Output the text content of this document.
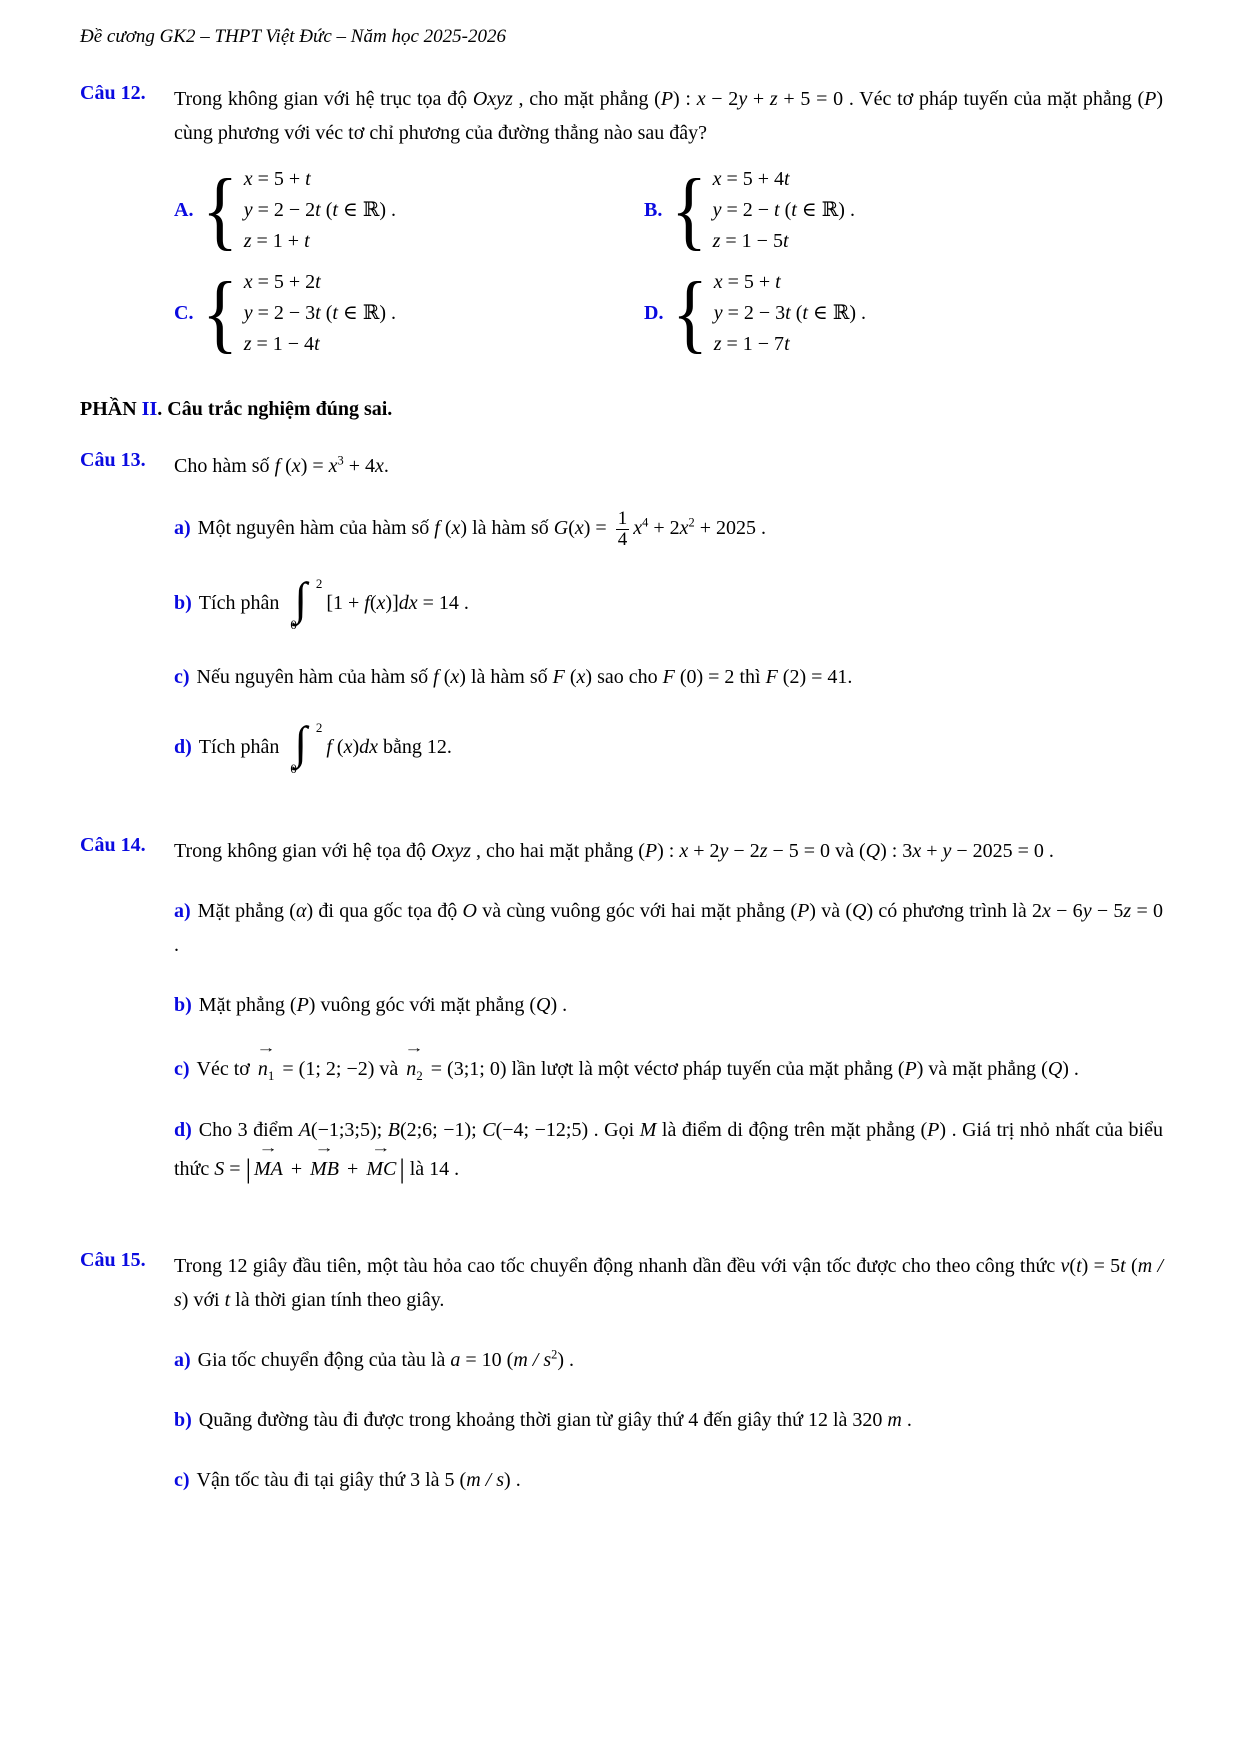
Đề cương GK2 – THPT Việt Đức – Năm học 2025-2026
Câu 12.	Trong không gian với hệ trục tọa độ Oxyz , cho mặt phẳng (P) : x − 2y + z + 5 = 0 . Véc tơ pháp tuyến của mặt phẳng (P) cùng phương với véc tơ chỉ phương của đường thẳng nào sau đây?

A. { x = 5 + t
y = 2 − 2t (t ∈ ℝ) .
z = 1 + t
B. { x = 5 + 4t
y = 2 − t (t ∈ ℝ) .
z = 1 − 5t
C. { x = 5 + 2t
y = 2 − 3t (t ∈ ℝ) .
z = 1 − 4t
D. { x = 5 + t
y = 2 − 3t (t ∈ ℝ) .
z = 1 − 7t
PHẦN II. Câu trắc nghiệm đúng sai.
Câu 13.	Cho hàm số f $(x) = x^3 + 4x$.

a) Một nguyên hàm của hàm số f (x) là hàm số $G(x) = \frac{1}{4} x^4 + 2x^2 + 2025$ .

b) Tích phân ∫ 2
0
[1 + f(x)]dx = 14 .

c) Nếu nguyên hàm của hàm số f (x) là hàm số F (x) sao cho F (0) = 2 thì F (2) = 41.

d) Tích phân ∫ 2
0
f (x)dx bằng 12.

Câu 14.	Trong không gian với hệ tọa độ Oxyz , cho hai mặt phẳng (P) : x + 2y − 2z − 5 = 0 và (Q) : 3x + y − 2025 = 0 .

a) Mặt phẳng (α) đi qua gốc tọa độ O và cùng vuông góc với hai mặt phẳng (P) và (Q) có phương trình là 2x − 6y − 5z = 0 .

b) Mặt phẳng (P) vuông góc với mặt phẳng (Q) .

c) Véc tơ
→
$n_1 = (1$; 2; −2) và
→
$n_2$ = (3;1; 0) lần lượt là một véctơ pháp tuyến của mặt phẳng (P) và mặt phẳng (Q) .

d) Cho 3 điểm A(−1;3;5); B(2;6; −1); C(−4; −12;5) . Gọi M là điểm di động trên mặt phẳng (P) . Giá trị nhỏ nhất của biểu thức S = |
→
MA +
→
MB +
→
MC | là 14 .

Câu 15.	Trong 12 giây đầu tiên, một tàu hỏa cao tốc chuyển động nhanh dần đều với vận tốc được cho theo công thức v(t) = 5t (m / s) với t là thời gian tính theo giây.

a) Gia tốc chuyển động của tàu là a = 10 $(m / s^2)$ .

b) Quãng đường tàu đi được trong khoảng thời gian từ giây thứ 4 đến giây thứ 12 là 320 m .

c) Vận tốc tàu đi tại giây thứ 3 là 5 (m / s) .
